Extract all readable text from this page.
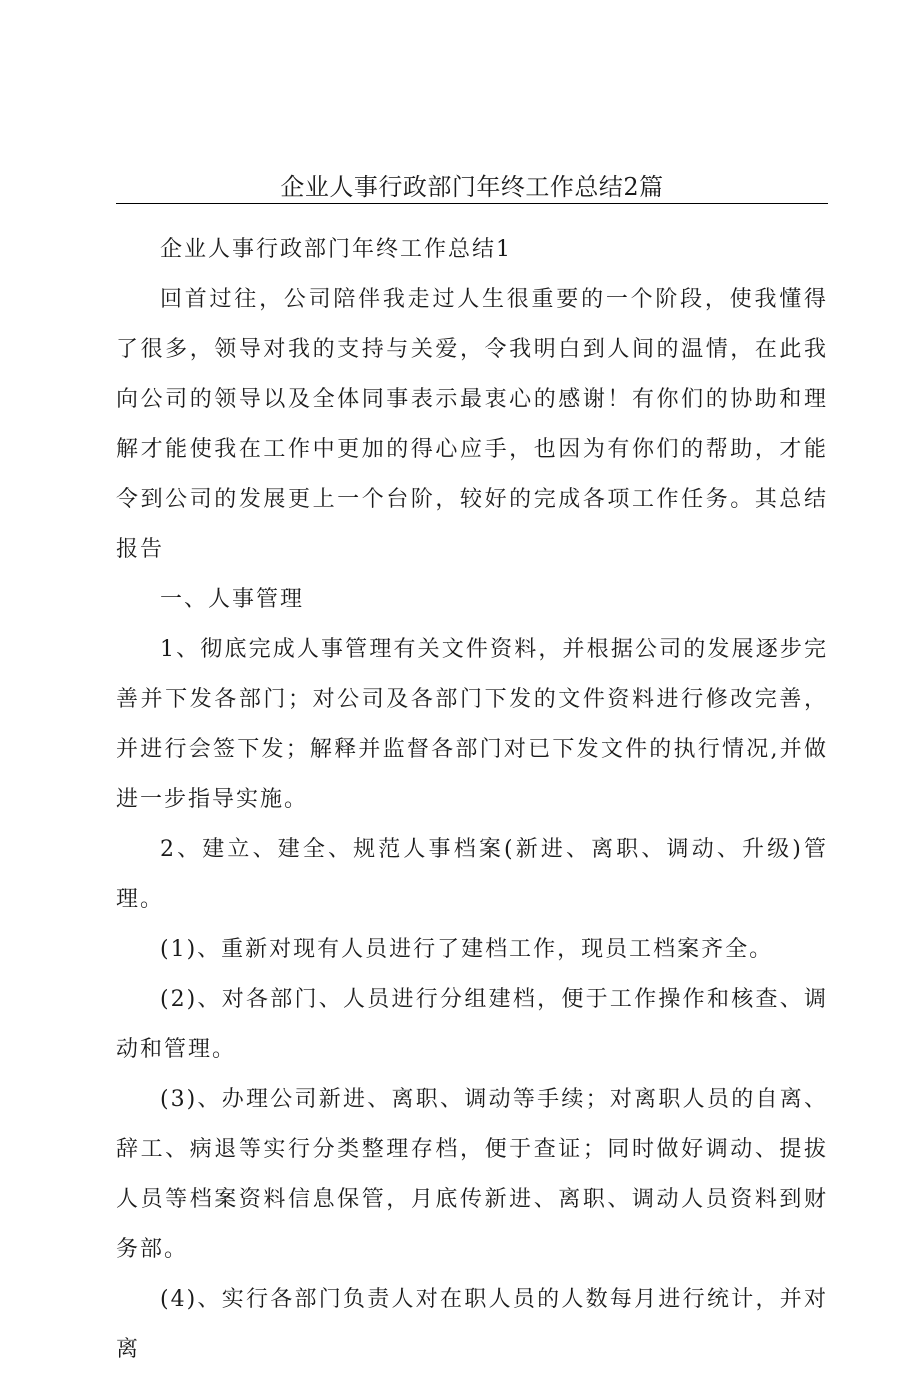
企业人事行政部门年终工作总结2篇

企业人事行政部门年终工作总结1

回首过往，公司陪伴我走过人生很重要的一个阶段，使我懂得了很多，领导对我的支持与关爱，令我明白到人间的温情，在此我向公司的领导以及全体同事表示最衷心的感谢！有你们的协助和理解才能使我在工作中更加的得心应手，也因为有你们的帮助，才能令到公司的发展更上一个台阶，较好的完成各项工作任务。其总结报告

一、人事管理

1、彻底完成人事管理有关文件资料，并根据公司的发展逐步完善并下发各部门；对公司及各部门下发的文件资料进行修改完善，并进行会签下发；解释并监督各部门对已下发文件的执行情况,并做进一步指导实施。

2、建立、建全、规范人事档案(新进、离职、调动、升级)管理。

(1)、重新对现有人员进行了建档工作，现员工档案齐全。

(2)、对各部门、人员进行分组建档，便于工作操作和核查、调动和管理。

(3)、办理公司新进、离职、调动等手续；对离职人员的自离、辞工、病退等实行分类整理存档，便于查证；同时做好调动、提拔人员等档案资料信息保管，月底传新进、离职、调动人员资料到财务部。

(4)、实行各部门负责人对在职人员的人数每月进行统计，并对离
